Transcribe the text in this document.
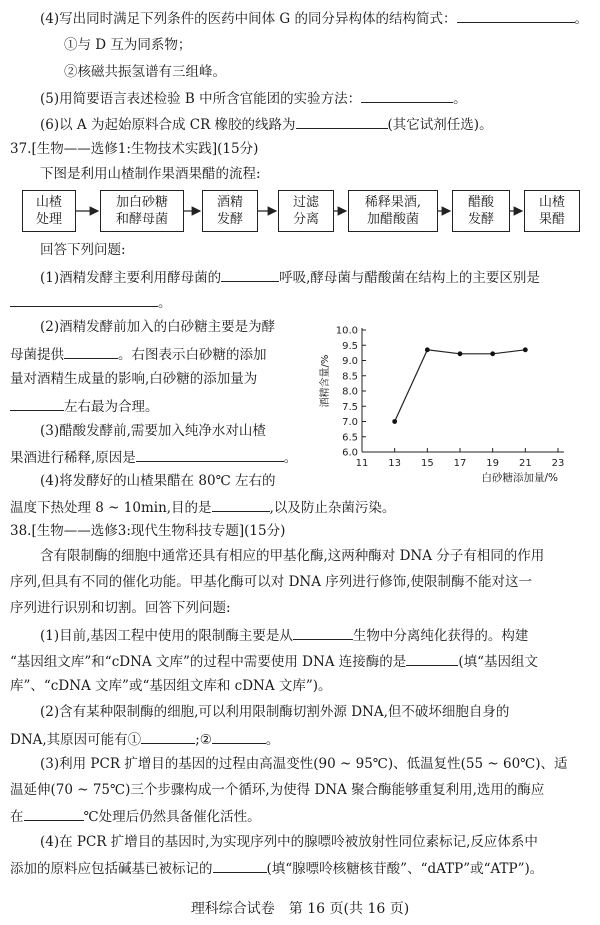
(4)写出同时满足下列条件的医药中间体 G 的同分异构体的结构简式：	。
①与 D 互为同系物；
②核磁共振氢谱有三组峰。
(5)用简要语言表述检验 B 中所含官能团的实验方法：	。
(6)以 A 为起始原料合成 CR 橡胶的线路为	(其它试剂任选)。
37.[生物——选修1:生物技术实践](15分)
下图是利用山楂制作果酒果醋的流程:
山楂
处理
加白砂糖
和酵母菌
酒精
发酵
过滤
分离
稀释果酒,
加醋酸菌
醋酸
发酵
山楂
果醋
回答下列问题:
(1)酒精发酵主要利用酵母菌的	呼吸,酵母菌与醋酸菌在结构上的主要区别是
。
(2)酒精发酵前加入的白砂糖主要是为酵
母菌提供	。右图表示白砂糖的添加
量对酒精生成量的影响,白砂糖的添加量为
左右最为合理。
(3)醋酸发酵前,需要加入纯净水对山楂
果酒进行稀释,原因是	。
(4)将发酵好的山楂果醋在 80℃ 左右的
温度下热处理 8 ~ 10min,目的是	,以及防止杂菌污染。
6.0
6.5
7.0
7.5
8.0
8.5
9.0
9.5
10.0
11 13 15 17 19 21 23
白砂糖添加量/%
酒精含量/%
38.[生物——选修3:现代生物科技专题](15分)
含有限制酶的细胞中通常还具有相应的甲基化酶,这两种酶对 DNA 分子有相同的作用
序列,但具有不同的催化功能。甲基化酶可以对 DNA 序列进行修饰,使限制酶不能对这一
序列进行识别和切割。回答下列问题:
(1)目前,基因工程中使用的限制酶主要是从	生物中分离纯化获得的。构建
“基因组文库”和“cDNA 文库”的过程中需要使用 DNA 连接酶的是	(填“基因组文
库”、“cDNA 文库”或“基因组文库和 cDNA 文库”)。
(2)含有某种限制酶的细胞,可以利用限制酶切割外源 DNA,但不破坏细胞自身的
DNA,其原因可能有①	;②	。
(3)利用 PCR 扩增目的基因的过程由高温变性(90 ~ 95℃)、低温复性(55 ~ 60℃)、适
温延伸(70 ~ 75℃)三个步骤构成一个循环,为使得 DNA 聚合酶能够重复利用,选用的酶应
在	℃处理后仍然具备催化活性。
(4)在 PCR 扩增目的基因时,为实现序列中的腺嘌呤被放射性同位素标记,反应体系中
添加的原料应包括碱基已被标记的	(填“腺嘌呤核糖核苷酸”、“dATP”或“ATP”)。
理科综合试卷　第 16 页(共 16 页)
